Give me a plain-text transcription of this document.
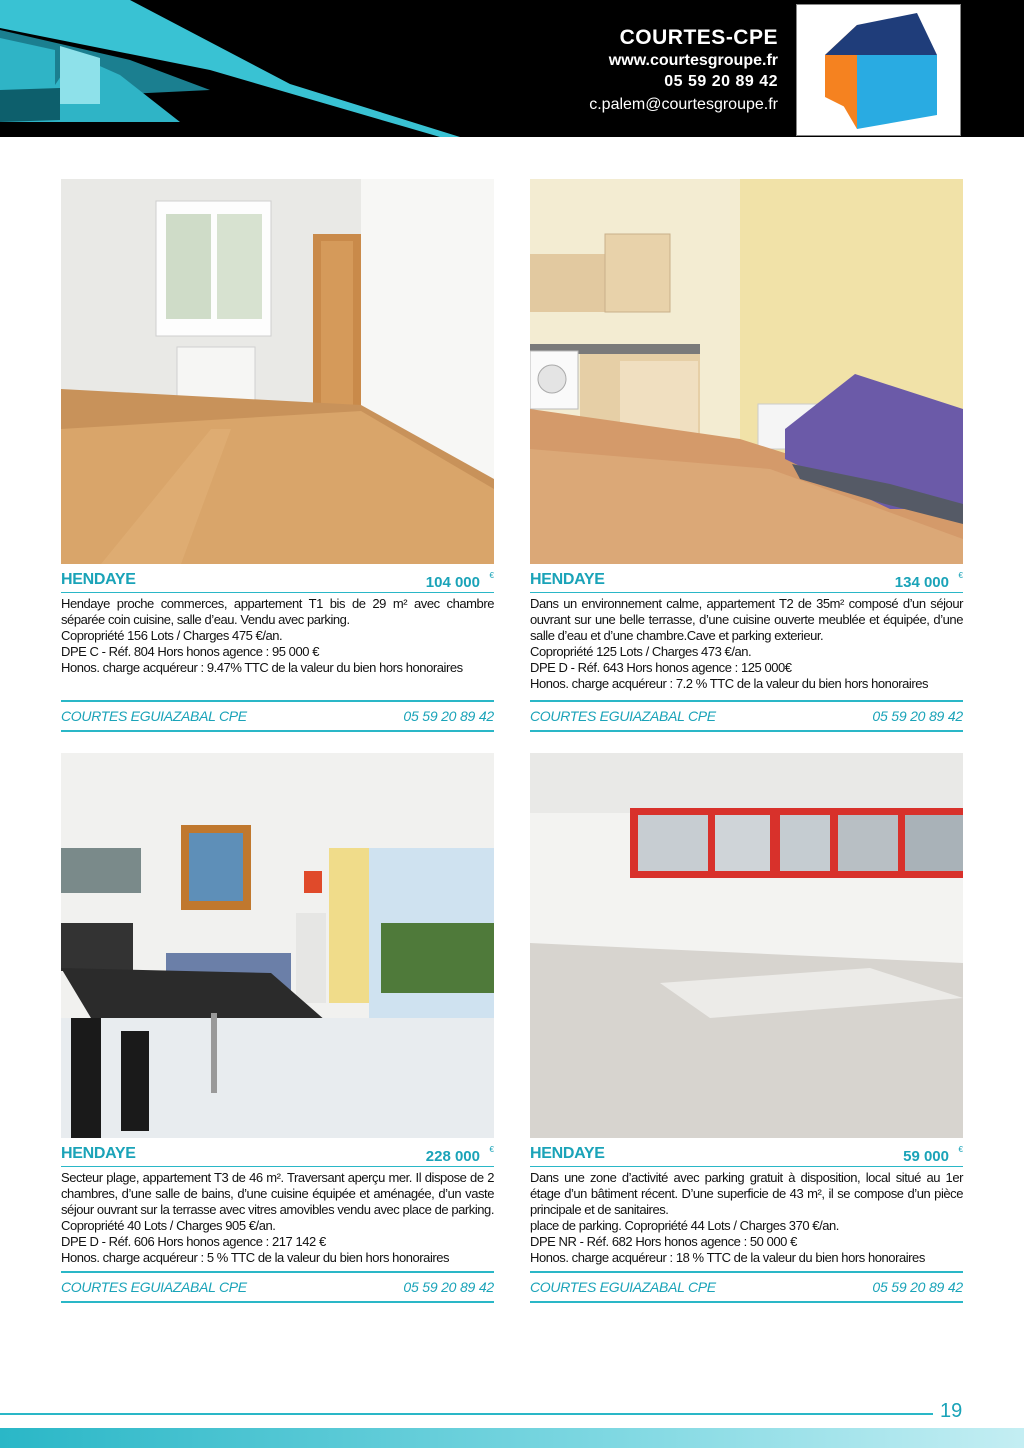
COURTES-CPE
www.courtesgroupe.fr
05 59 20 89 42
c.palem@courtesgroupe.fr
HENDAYE	104 000 €

Hendaye proche commerces, appartement T1 bis de 29 m² avec chambre séparée coin cuisine, salle d’eau. Vendu avec parking.

Copropriété 156 Lots / Charges 475 €/an.

DPE C - Réf. 804 Hors honos agence : 95 000 €

Honos. charge acquéreur : 9.47% TTC de la valeur du bien hors honoraires

COURTES EGUIAZABAL CPE	05 59 20 89 42
HENDAYE	134 000 €

Dans un environnement calme, appartement T2 de 35m² composé d’un séjour ouvrant sur une belle terrasse, d’une cuisine ouverte meublée et équipée, d’une salle d’eau et d’une chambre.Cave et parking exterieur.

Copropriété 125 Lots / Charges 473 €/an.

DPE D - Réf. 643 Hors honos agence : 125 000€

Honos. charge acquéreur : 7.2 % TTC de la valeur du bien hors honoraires

COURTES EGUIAZABAL CPE	05 59 20 89 42
HENDAYE	228 000 €

Secteur plage, appartement T3 de 46 m². Traversant aperçu mer. Il dispose de 2 chambres, d’une salle de bains, d’une cuisine équipée et aménagée, d’un vaste séjour ouvrant sur la terrasse avec vitres amovibles vendu avec place de parking. Copropriété 40 Lots / Charges 905 €/an.

DPE D - Réf. 606 Hors honos agence : 217 142 €

Honos. charge acquéreur : 5 % TTC de la valeur du bien hors honoraires

COURTES EGUIAZABAL CPE	05 59 20 89 42
HENDAYE	59 000 €

Dans une zone d’activité avec parking gratuit à disposition, local situé au 1er étage d’un bâtiment récent. D’une superficie de 43 m², il se compose d’un pièce principale et de sanitaires.

place de parking. Copropriété 44 Lots / Charges 370 €/an.

DPE NR - Réf. 682 Hors honos agence : 50 000 €

Honos. charge acquéreur : 18 % TTC de la valeur du bien hors honoraires

COURTES EGUIAZABAL CPE	05 59 20 89 42
19
